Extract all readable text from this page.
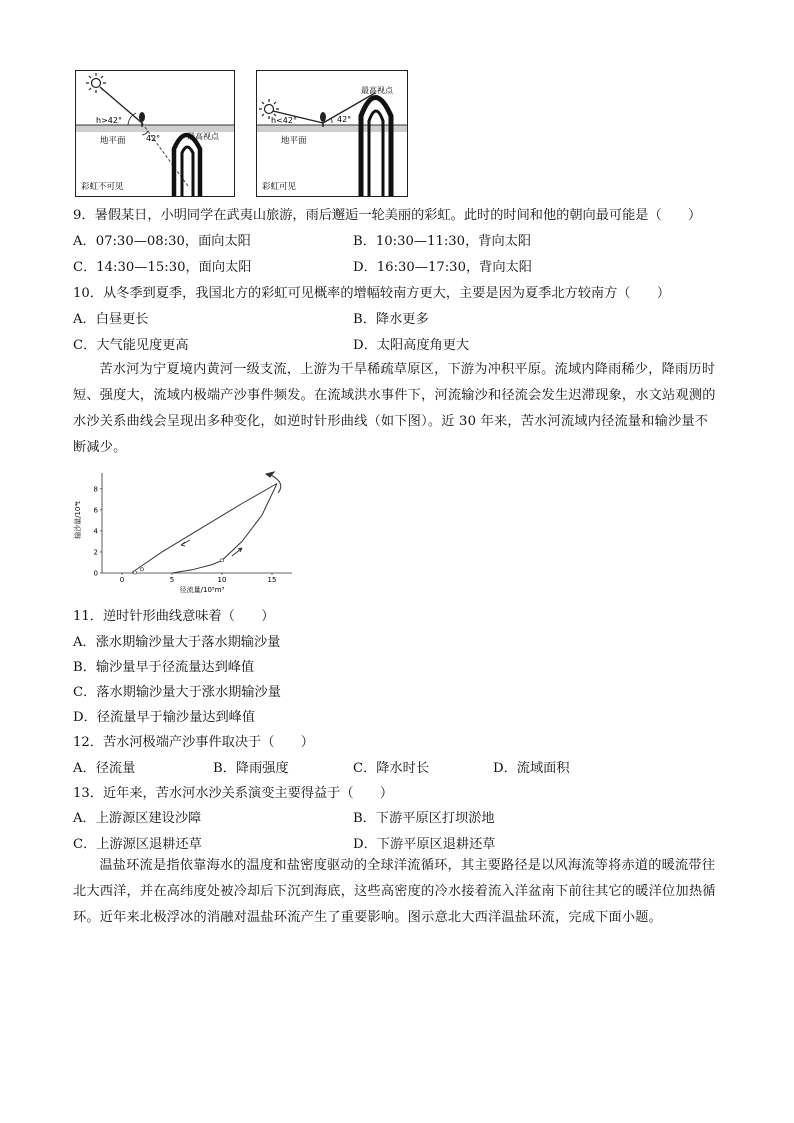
h>42°
42°
地平面	最高视点
彩虹不可见
h<42°	42°
地平面
最高视点
彩虹可见
9．暑假某日，小明同学在武夷山旅游，雨后邂逅一轮美丽的彩虹。此时的时间和他的朝向最可能是（　　）
A．07:30—08:30，面向太阳	B．10:30—11:30，背向太阳
C．14:30—15:30，面向太阳	D．16:30—17:30，背向太阳
10．从冬季到夏季，我国北方的彩虹可见概率的增幅较南方更大，主要是因为夏季北方较南方（　　）
A．白昼更长	B．降水更多
C．大气能见度更高	D．太阳高度角更大
苦水河为宁夏境内黄河一级支流，上游为干旱稀疏草原区，下游为冲积平原。流域内降雨稀少，降雨历时短、强度大，流域内极端产沙事件频发。在流域洪水事件下，河流输沙和径流会发生迟滞现象，水文站观测的水沙关系曲线会呈现出多种变化，如逆时针形曲线（如下图）。近 30 年来，苦水河流域内径流量和输沙量不断减少。
0	5	10	15
0
2
4
6
8
径流量/10⁵m³
输沙量/10⁴t
11．逆时针形曲线意味着（　　）
A．涨水期输沙量大于落水期输沙量
B．输沙量早于径流量达到峰值
C．落水期输沙量大于涨水期输沙量
D．径流量早于输沙量达到峰值
12．苦水河极端产沙事件取决于（　　）
A．径流量	B．降雨强度	C．降水时长	D．流域面积
13．近年来，苦水河水沙关系演变主要得益于（　　）
A．上游源区建设沙障	B．下游平原区打坝淤地
C．上游源区退耕还草	D．下游平原区退耕还草
温盐环流是指依靠海水的温度和盐密度驱动的全球洋流循环，其主要路径是以风海流等将赤道的暖流带往北大西洋，并在高纬度处被冷却后下沉到海底，这些高密度的冷水接着流入洋盆南下前往其它的暖洋位加热循环。近年来北极浮冰的消融对温盐环流产生了重要影响。图示意北大西洋温盐环流，完成下面小题。
